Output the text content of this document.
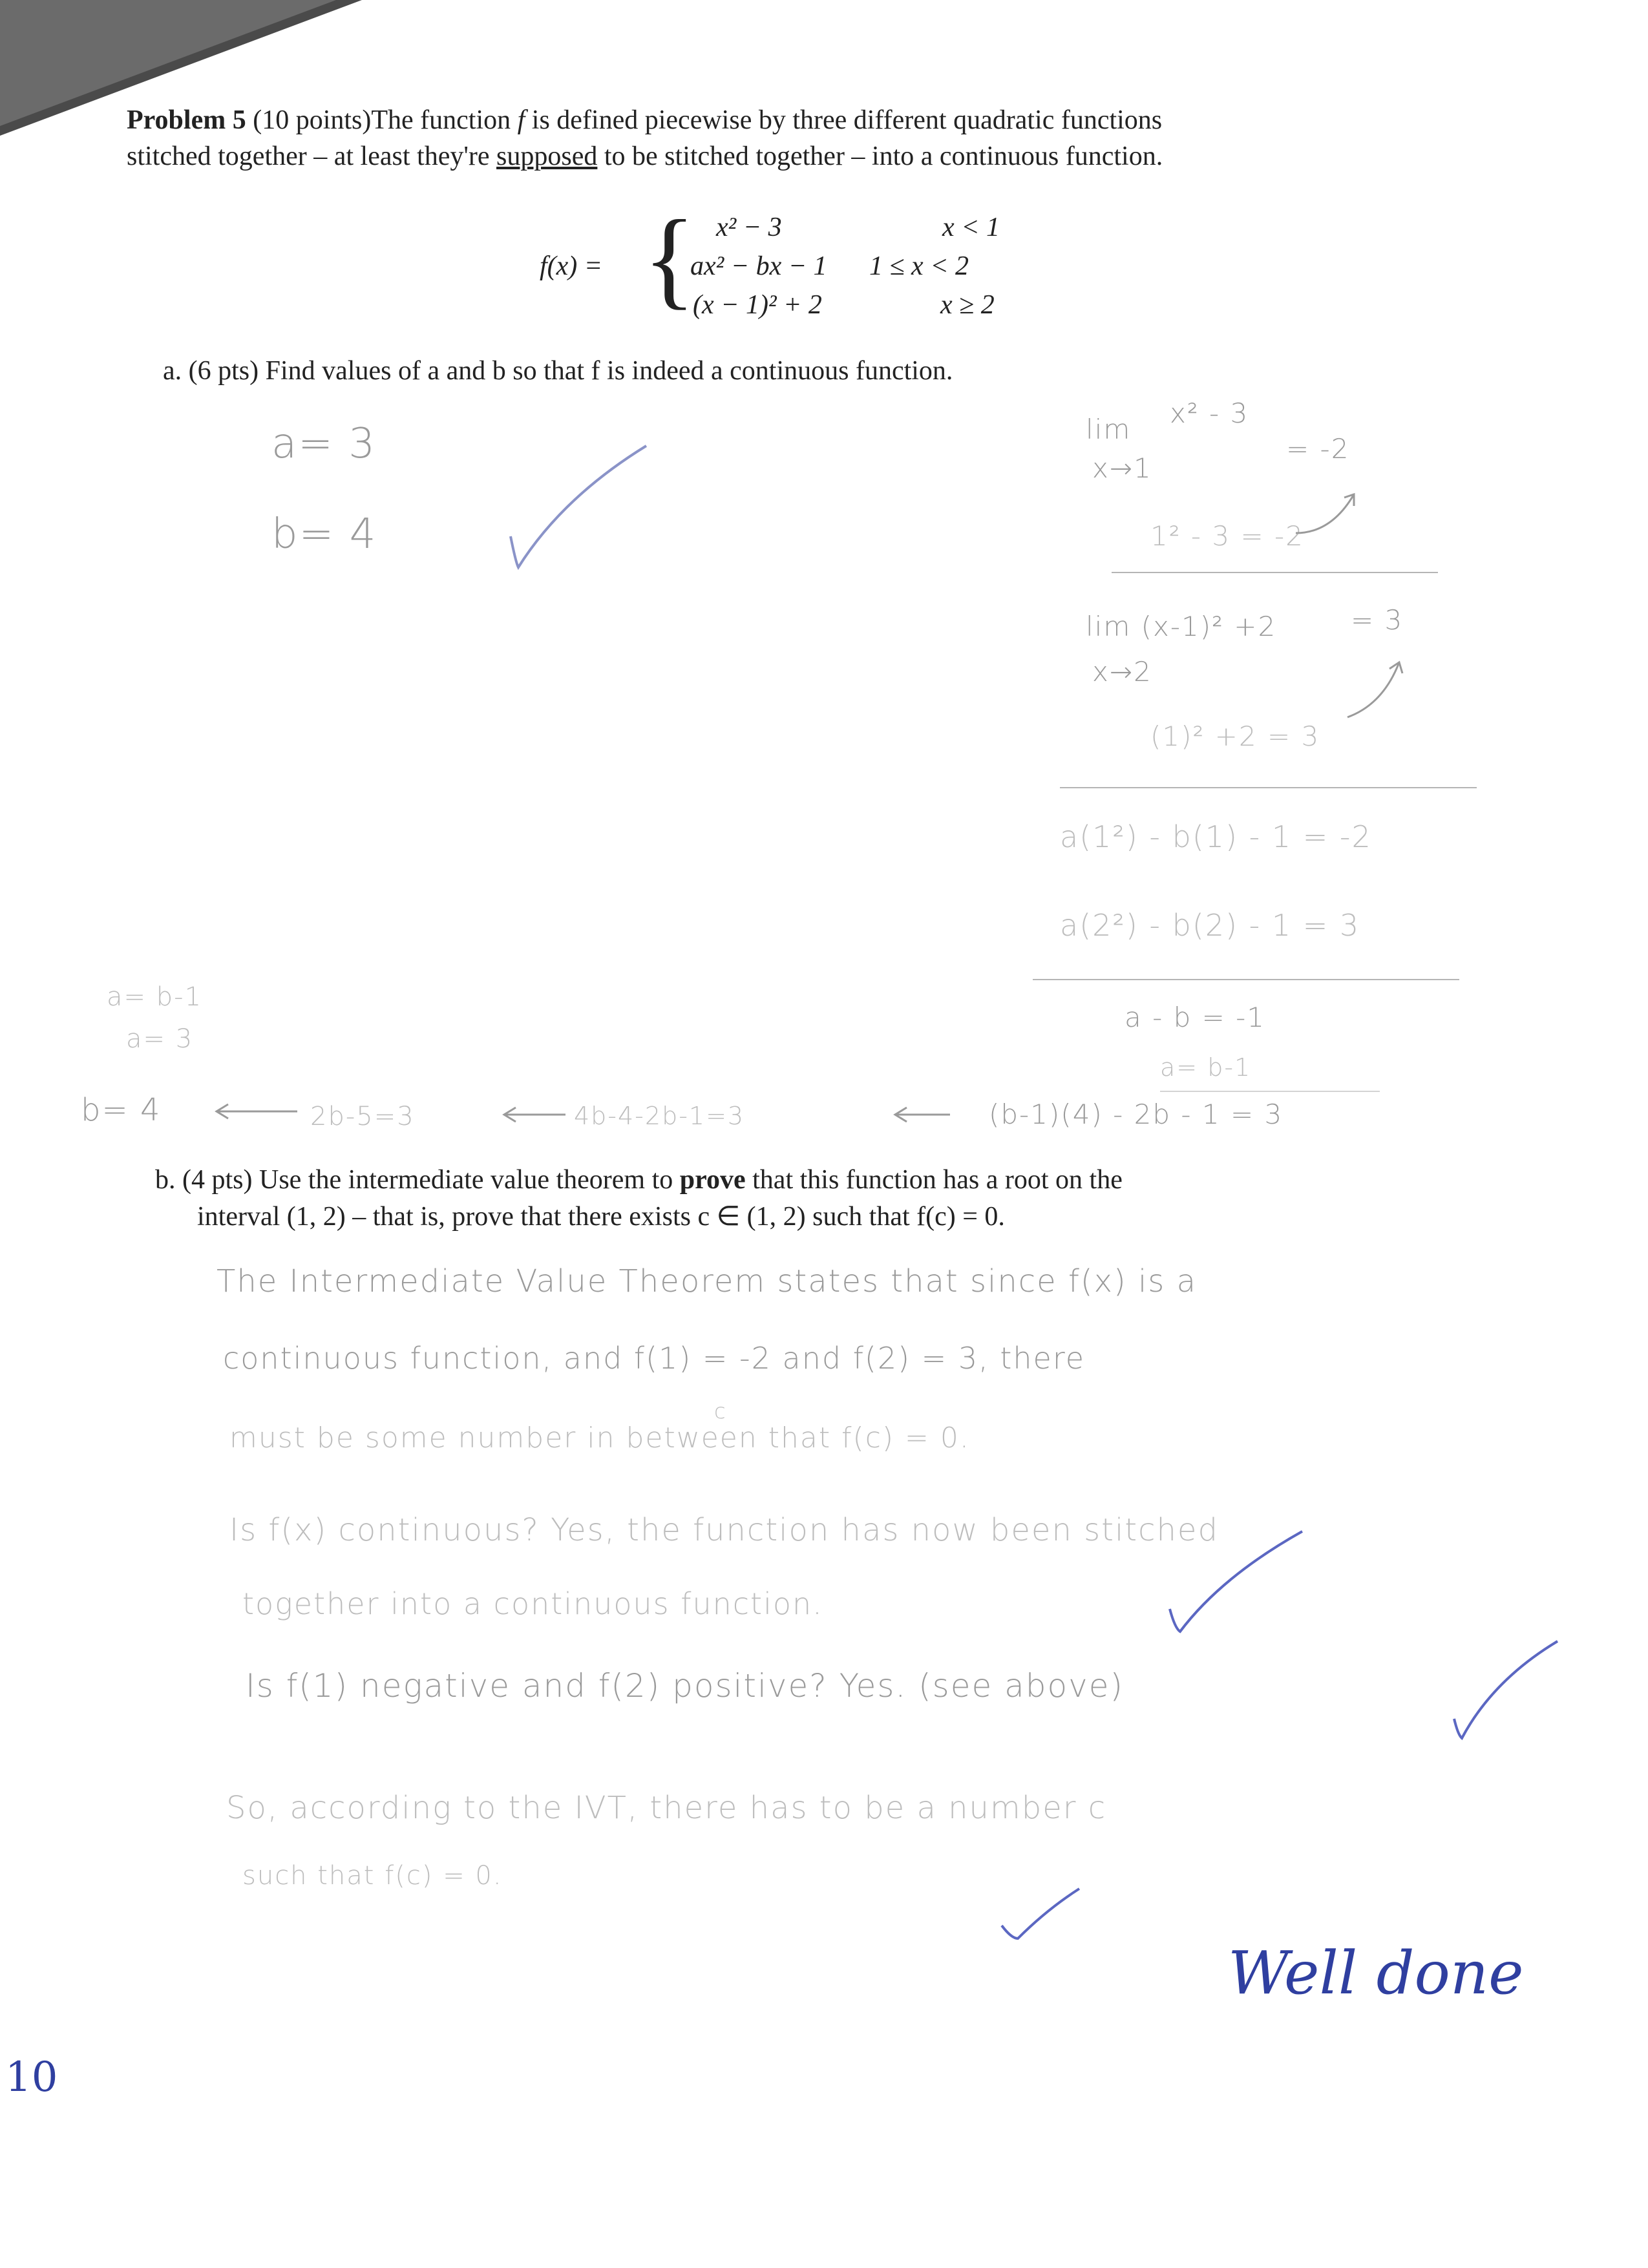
Problem 5 (10 points)The function f is defined piecewise by three different quadratic functions
stitched together – at least they're supposed to be stitched together – into a continuous function.
f(x) = { x² − 3	x < 1
ax² − bx − 1 1 ≤ x < 2
(x − 1)² + 2	x ≥ 2
a. (6 pts) Find values of a and b so that f is indeed a continuous function.
a= 3
b= 4
lim
x² - 3
= -2
x→1
1² - 3 = -2
lim (x-1)² +2	= 3
x→2
(1)² +2 = 3
a(1²) - b(1) - 1 = -2
a(2²) - b(2) - 1 = 3
a - b = -1
a= b-1
a= b-1
a= 3
b= 4	2b-5=3	4b-4-2b-1=3	(b-1)(4) - 2b - 1 = 3
b. (4 pts) Use the intermediate value theorem to prove that this function has a root on the
interval (1, 2) – that is, prove that there exists c ∈ (1, 2) such that f(c) = 0.
The Intermediate Value Theorem states that since f(x) is a
continuous function, and f(1) = -2 and f(2) = 3, there
c
must be some number in between that f(c) = 0.
Is f(x) continuous? Yes, the function has now been stitched
together into a continuous function.
Is f(1) negative and f(2) positive? Yes. (see above)
So, according to the IVT, there has to be a number c
such that f(c) = 0.
Well done
10
